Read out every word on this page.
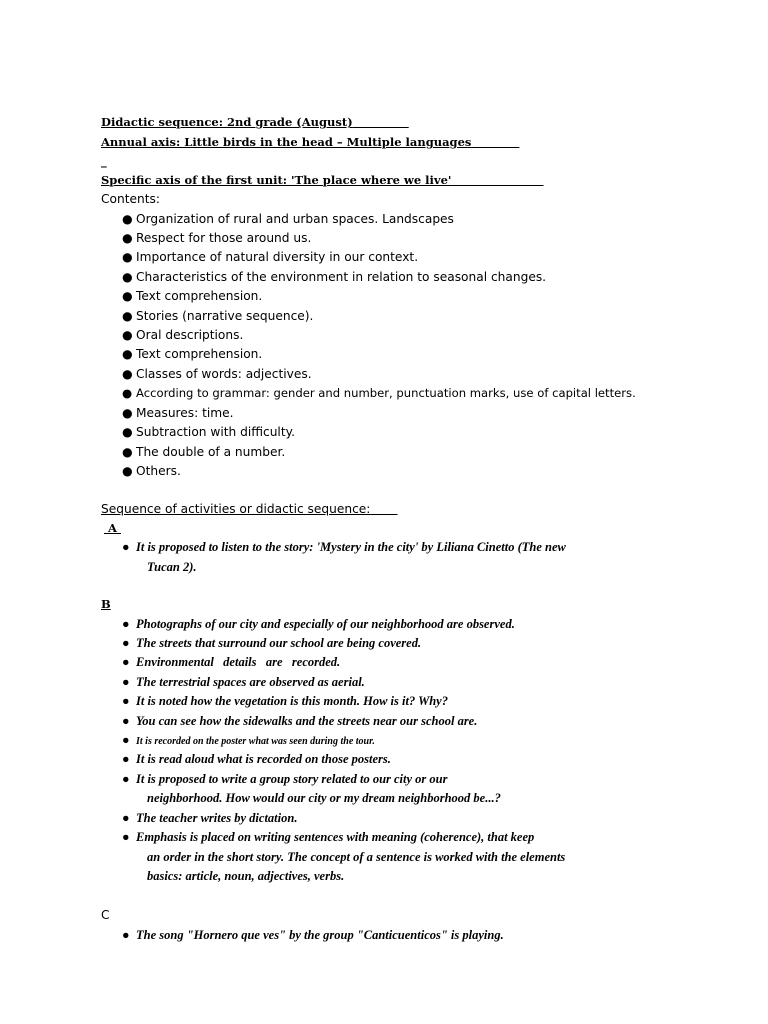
Didactic sequence: 2nd grade (August)
Annual axis: Little birds in the head – Multiple languages
_
Specific axis of the first unit: 'The place where we live'
Contents:
● Organization of rural and urban spaces. Landscapes
● Respect for those around us.
● Importance of natural diversity in our context.
● Characteristics of the environment in relation to seasonal changes.
● Text comprehension.
● Stories (narrative sequence).
● Oral descriptions.
● Text comprehension.
● Classes of words: adjectives.
● According to grammar: gender and number, punctuation marks, use of capital letters.
● Measures: time.
● Subtraction with difficulty.
● The double of a number.
● Others.
Sequence of activities or didactic sequence:
A
● It is proposed to listen to the story: 'Mystery in the city' by Liliana Cinetto (The new
Tucan 2).
B
● Photographs of our city and especially of our neighborhood are observed.
● The streets that surround our school are being covered.
● Environmental   details   are   recorded.
● The terrestrial spaces are observed as aerial.
● It is noted how the vegetation is this month. How is it? Why?
● You can see how the sidewalks and the streets near our school are.
● It is recorded on the poster what was seen during the tour.
● It is read aloud what is recorded on those posters.
● It is proposed to write a group story related to our city or our
neighborhood. How would our city or my dream neighborhood be...?
● The teacher writes by dictation.
● Emphasis is placed on writing sentences with meaning (coherence), that keep
an order in the short story. The concept of a sentence is worked with the elements
basics: article, noun, adjectives, verbs.
C
● The song "Hornero que ves" by the group "Canticuenticos" is playing.
